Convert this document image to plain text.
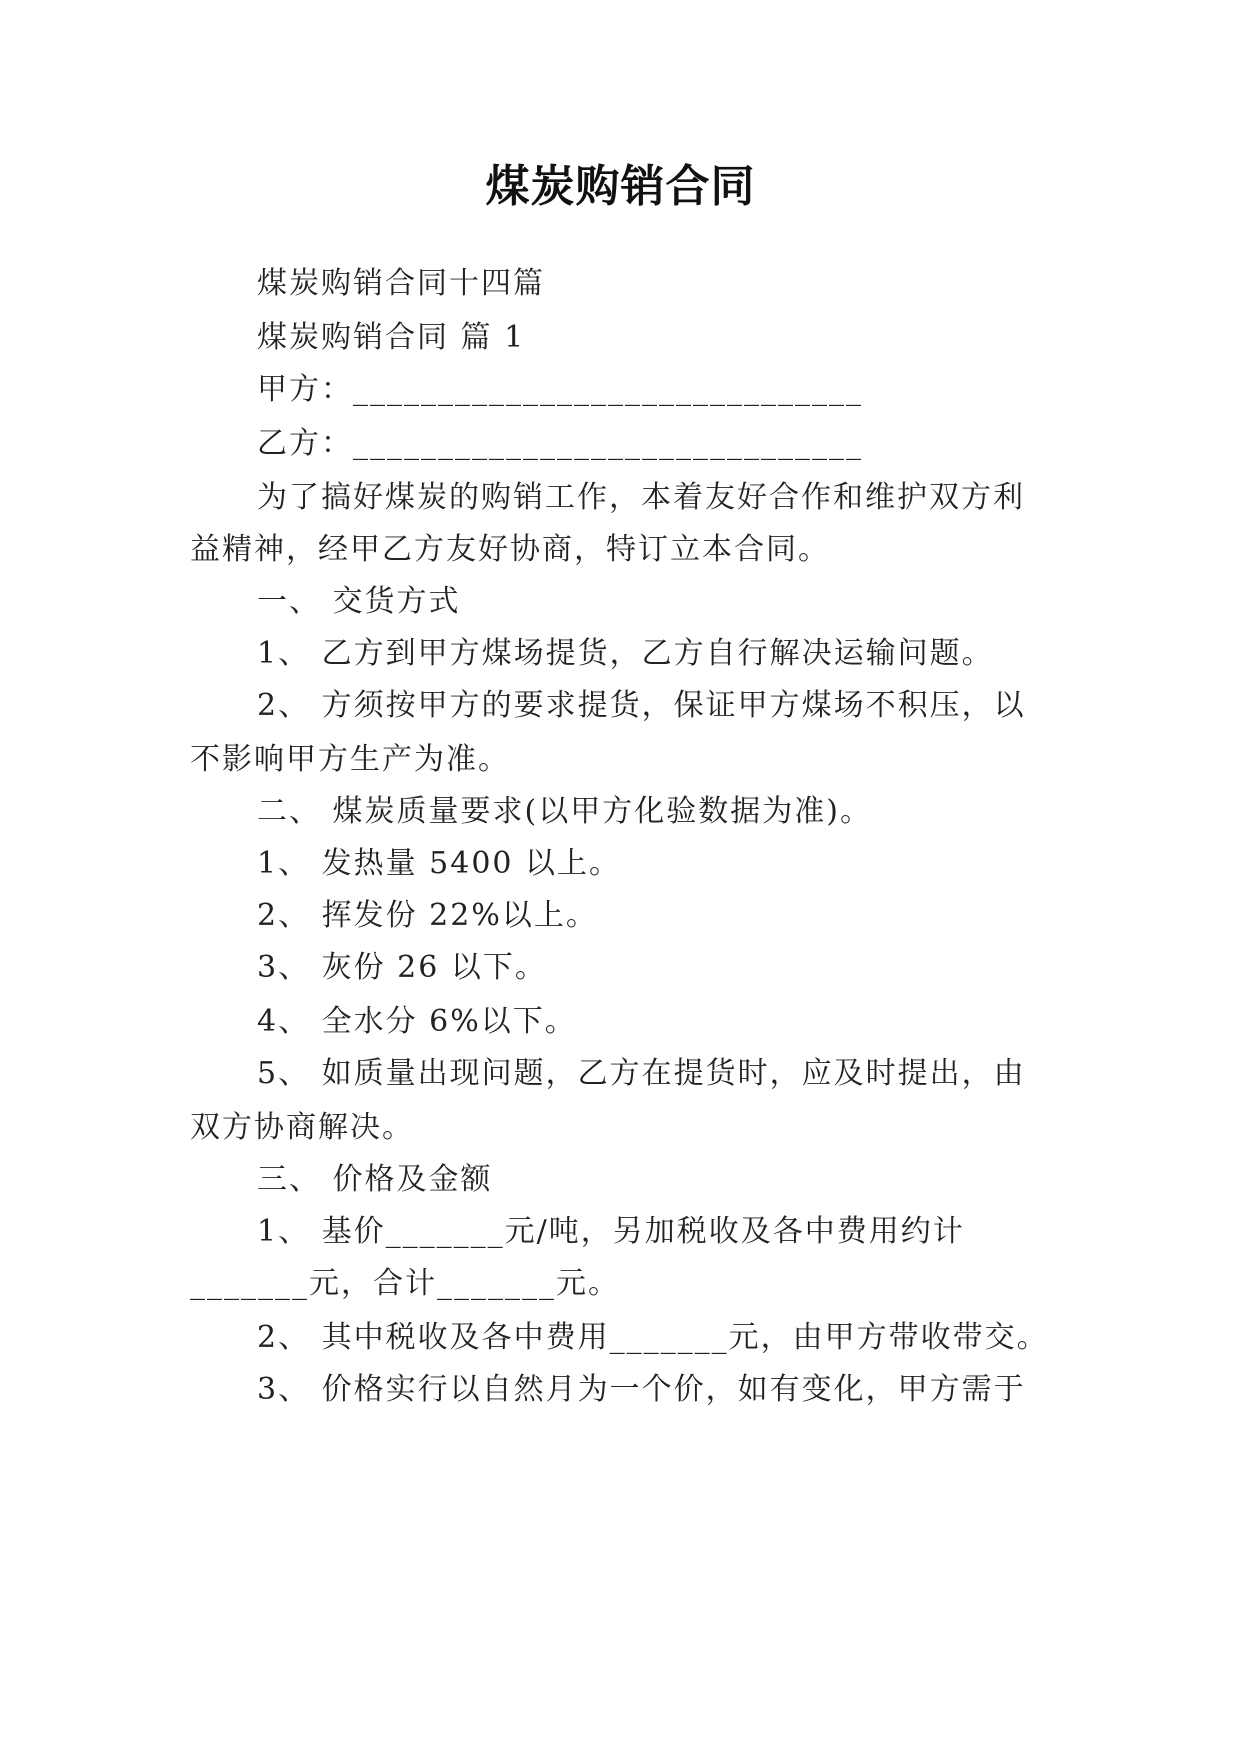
煤炭购销合同
煤炭购销合同十四篇
煤炭购销合同 篇 1
甲方：______________________________
乙方：______________________________
为了搞好煤炭的购销工作，本着友好合作和维护双方利
益精神，经甲乙方友好协商，特订立本合同。
一、 交货方式
1、 乙方到甲方煤场提货，乙方自行解决运输问题。
2、 方须按甲方的要求提货，保证甲方煤场不积压，以
不影响甲方生产为准。
二、 煤炭质量要求(以甲方化验数据为准)。
1、 发热量 5400 以上。
2、 挥发份 22%以上。
3、 灰份 26 以下。
4、 全水分 6%以下。
5、 如质量出现问题，乙方在提货时，应及时提出，由
双方协商解决。
三、 价格及金额
1、 基价_______元/吨，另加税收及各中费用约计
_______元，合计_______元。
2、 其中税收及各中费用_______元，由甲方带收带交。
3、 价格实行以自然月为一个价，如有变化，甲方需于
